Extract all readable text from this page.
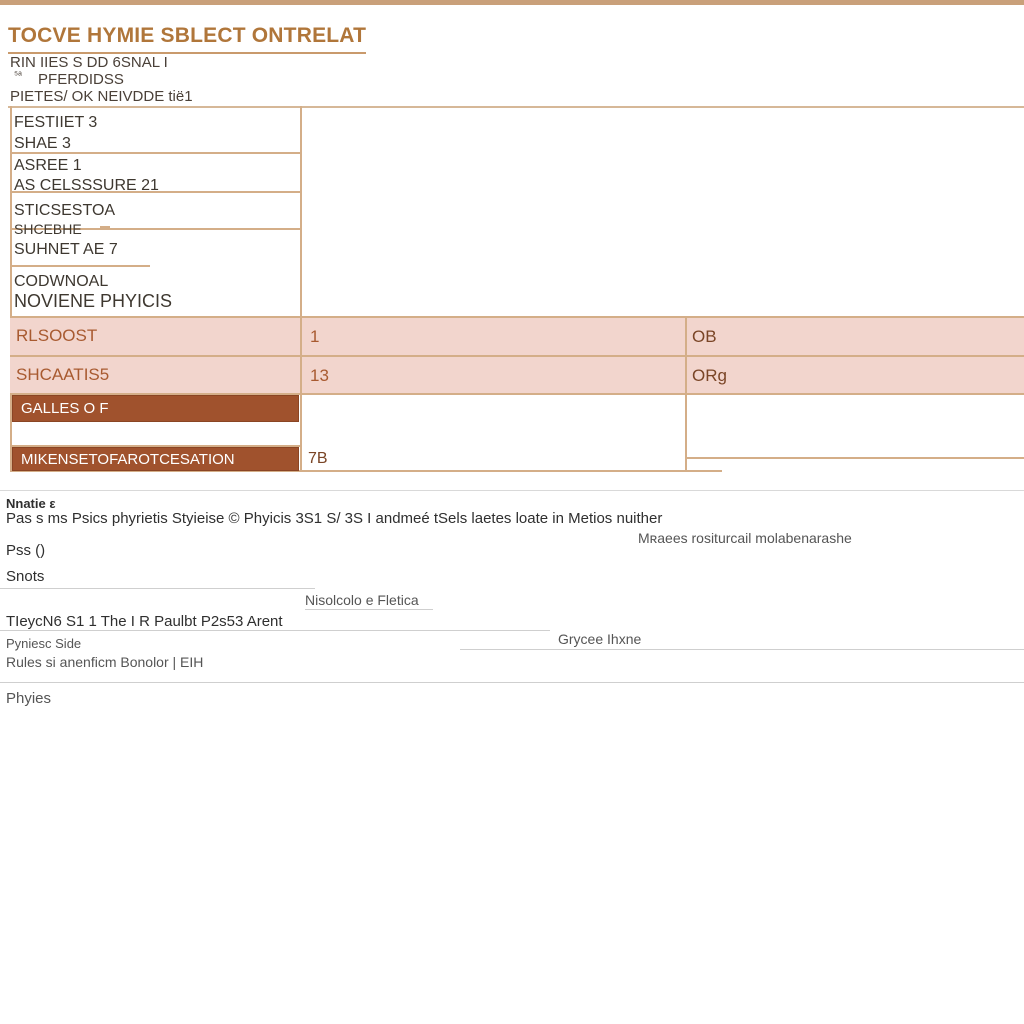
TOCVE HYMIE SBLECT ONTRELAT
RIN IIES S DD 6SNAL I
$^{^5ᵃ}$ PFERDIDSS
PIETES/ OK NEIVDDE tiё1
FESTIIET 3
SHAE 3
ASREE 1
AS CELSSSURE 21
STICSESTOA
SHCEBHE
SUHNET AE 7
CODWNOAL
NOVIENE PHYICIS
RLSOOST	1	OB
SHCAATIS5	13	ORg
GALLES O F
MIKENSETOFAROTCESATION	7B
Nnatie ε
Pas s ms Psics phyrietis Styieise © Phyicis 3S1 S/ 3S I andmeé tSels laetes loate in Metios nuither
Mʀaees rositurcail molabenarashe
Pss ()
Snots
Nisolcolo e Fletica
TIeycN6 S1 1 The I R Paulbt P2s53 Arent
Pyniesc Side	Grycee Ihxne
Rules si anenficm Bonolor | EIH
Phyies
